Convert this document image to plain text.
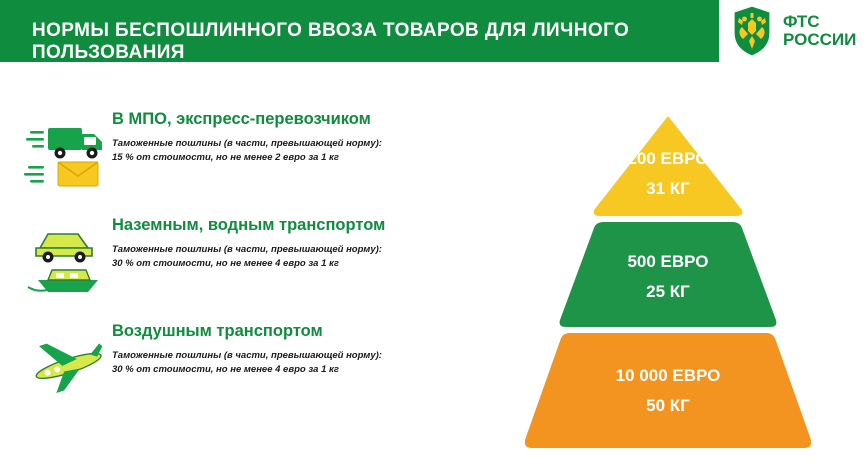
НОРМЫ БЕСПОШЛИННОГО ВВОЗА ТОВАРОВ ДЛЯ ЛИЧНОГО ПОЛЬЗОВАНИЯ
ФТС
РОССИИ

В МПО, экспресс-перевозчиком

Таможенные пошлины (в части, превышающей норму):

15 % от стоимости, но не менее 2 евро за 1 кг

Наземным, водным транспортом

Таможенные пошлины (в части, превышающей норму):

30 % от стоимости, но не менее 4 евро за 1 кг

Воздушным транспортом

Таможенные пошлины (в части, превышающей норму):

30 % от стоимости, но не менее 4 евро за 1 кг

200 ЕВРО
31 КГ
500 ЕВРО
25 КГ
10 000 ЕВРО
50 КГ
